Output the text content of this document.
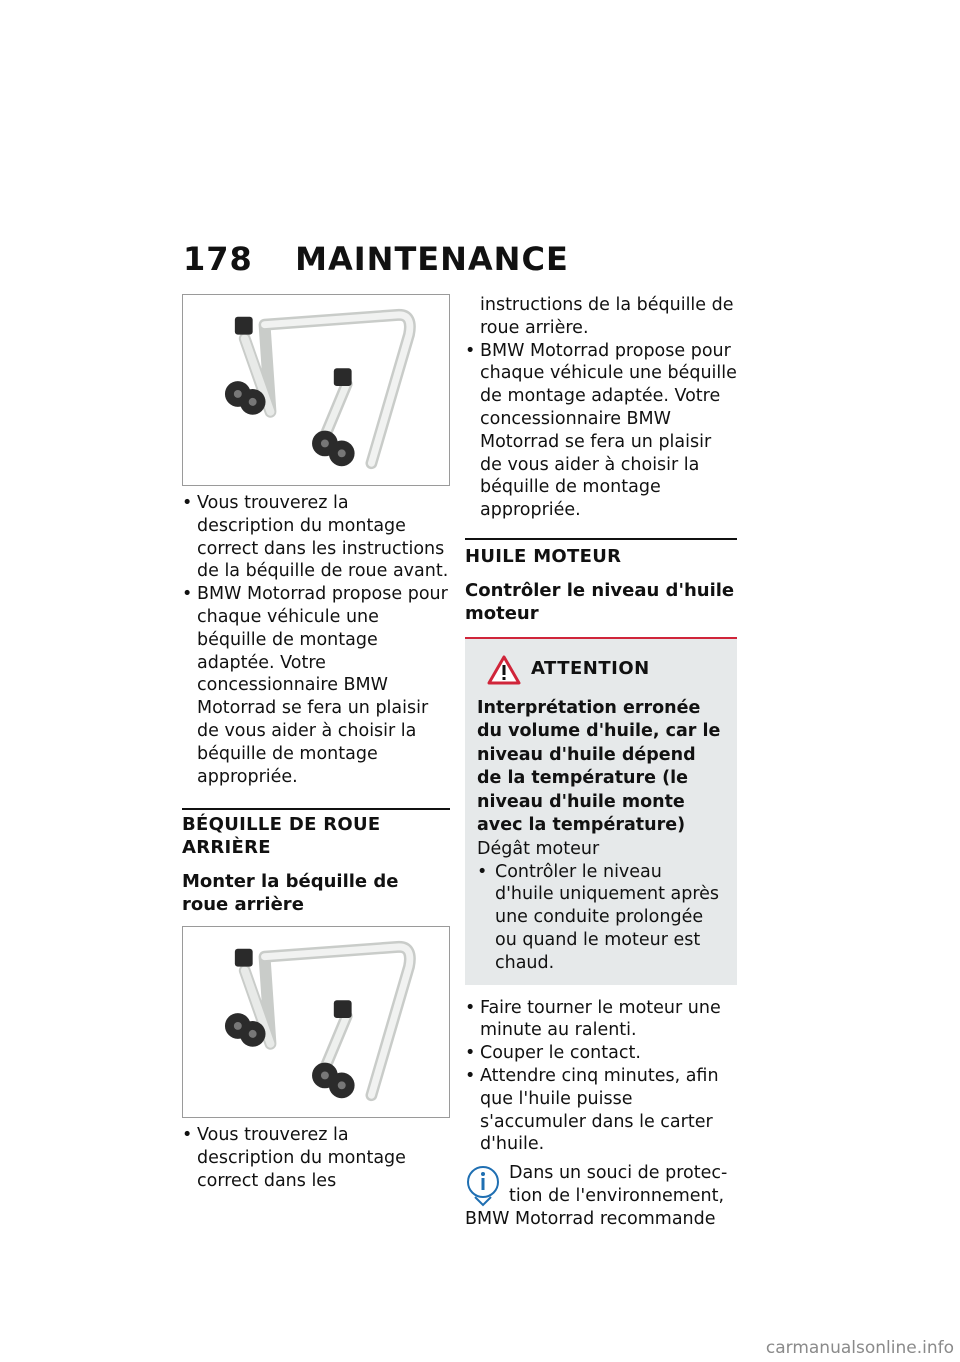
178 MAINTENANCE
• Vous trouverez la description du montage correct dans les instructions de la béquille de roue avant.
• BMW Motorrad propose pour chaque véhicule une béquille de montage adaptée. Votre concessionnaire BMW Motorrad se fera un plaisir de vous aider à choisir la béquille de montage appropriée.
BÉQUILLE DE ROUE ARRIÈRE
Monter la béquille de roue arrière
• Vous trouverez la description du montage correct dans les
instructions de la béquille de roue arrière.
• BMW Motorrad propose pour chaque véhicule une béquille de montage adaptée. Votre concessionnaire BMW Motorrad se fera un plaisir de vous aider à choisir la béquille de montage appropriée.
HUILE MOTEUR
Contrôler le niveau d'huile moteur
ATTENTION
Interprétation erronée du volume d'huile, car le niveau d'huile dépend de la température (le niveau d'huile monte avec la température)
Dégât moteur
• Contrôler le niveau d'huile uniquement après une conduite prolongée ou quand le moteur est chaud.
• Faire tourner le moteur une minute au ralenti.
• Couper le contact.
• Attendre cinq minutes, afin que l'huile puisse s'accumuler dans le carter d'huile.
Dans un souci de protec-
tion de l'environnement,
BMW Motorrad recommande
carmanualsonline.info
